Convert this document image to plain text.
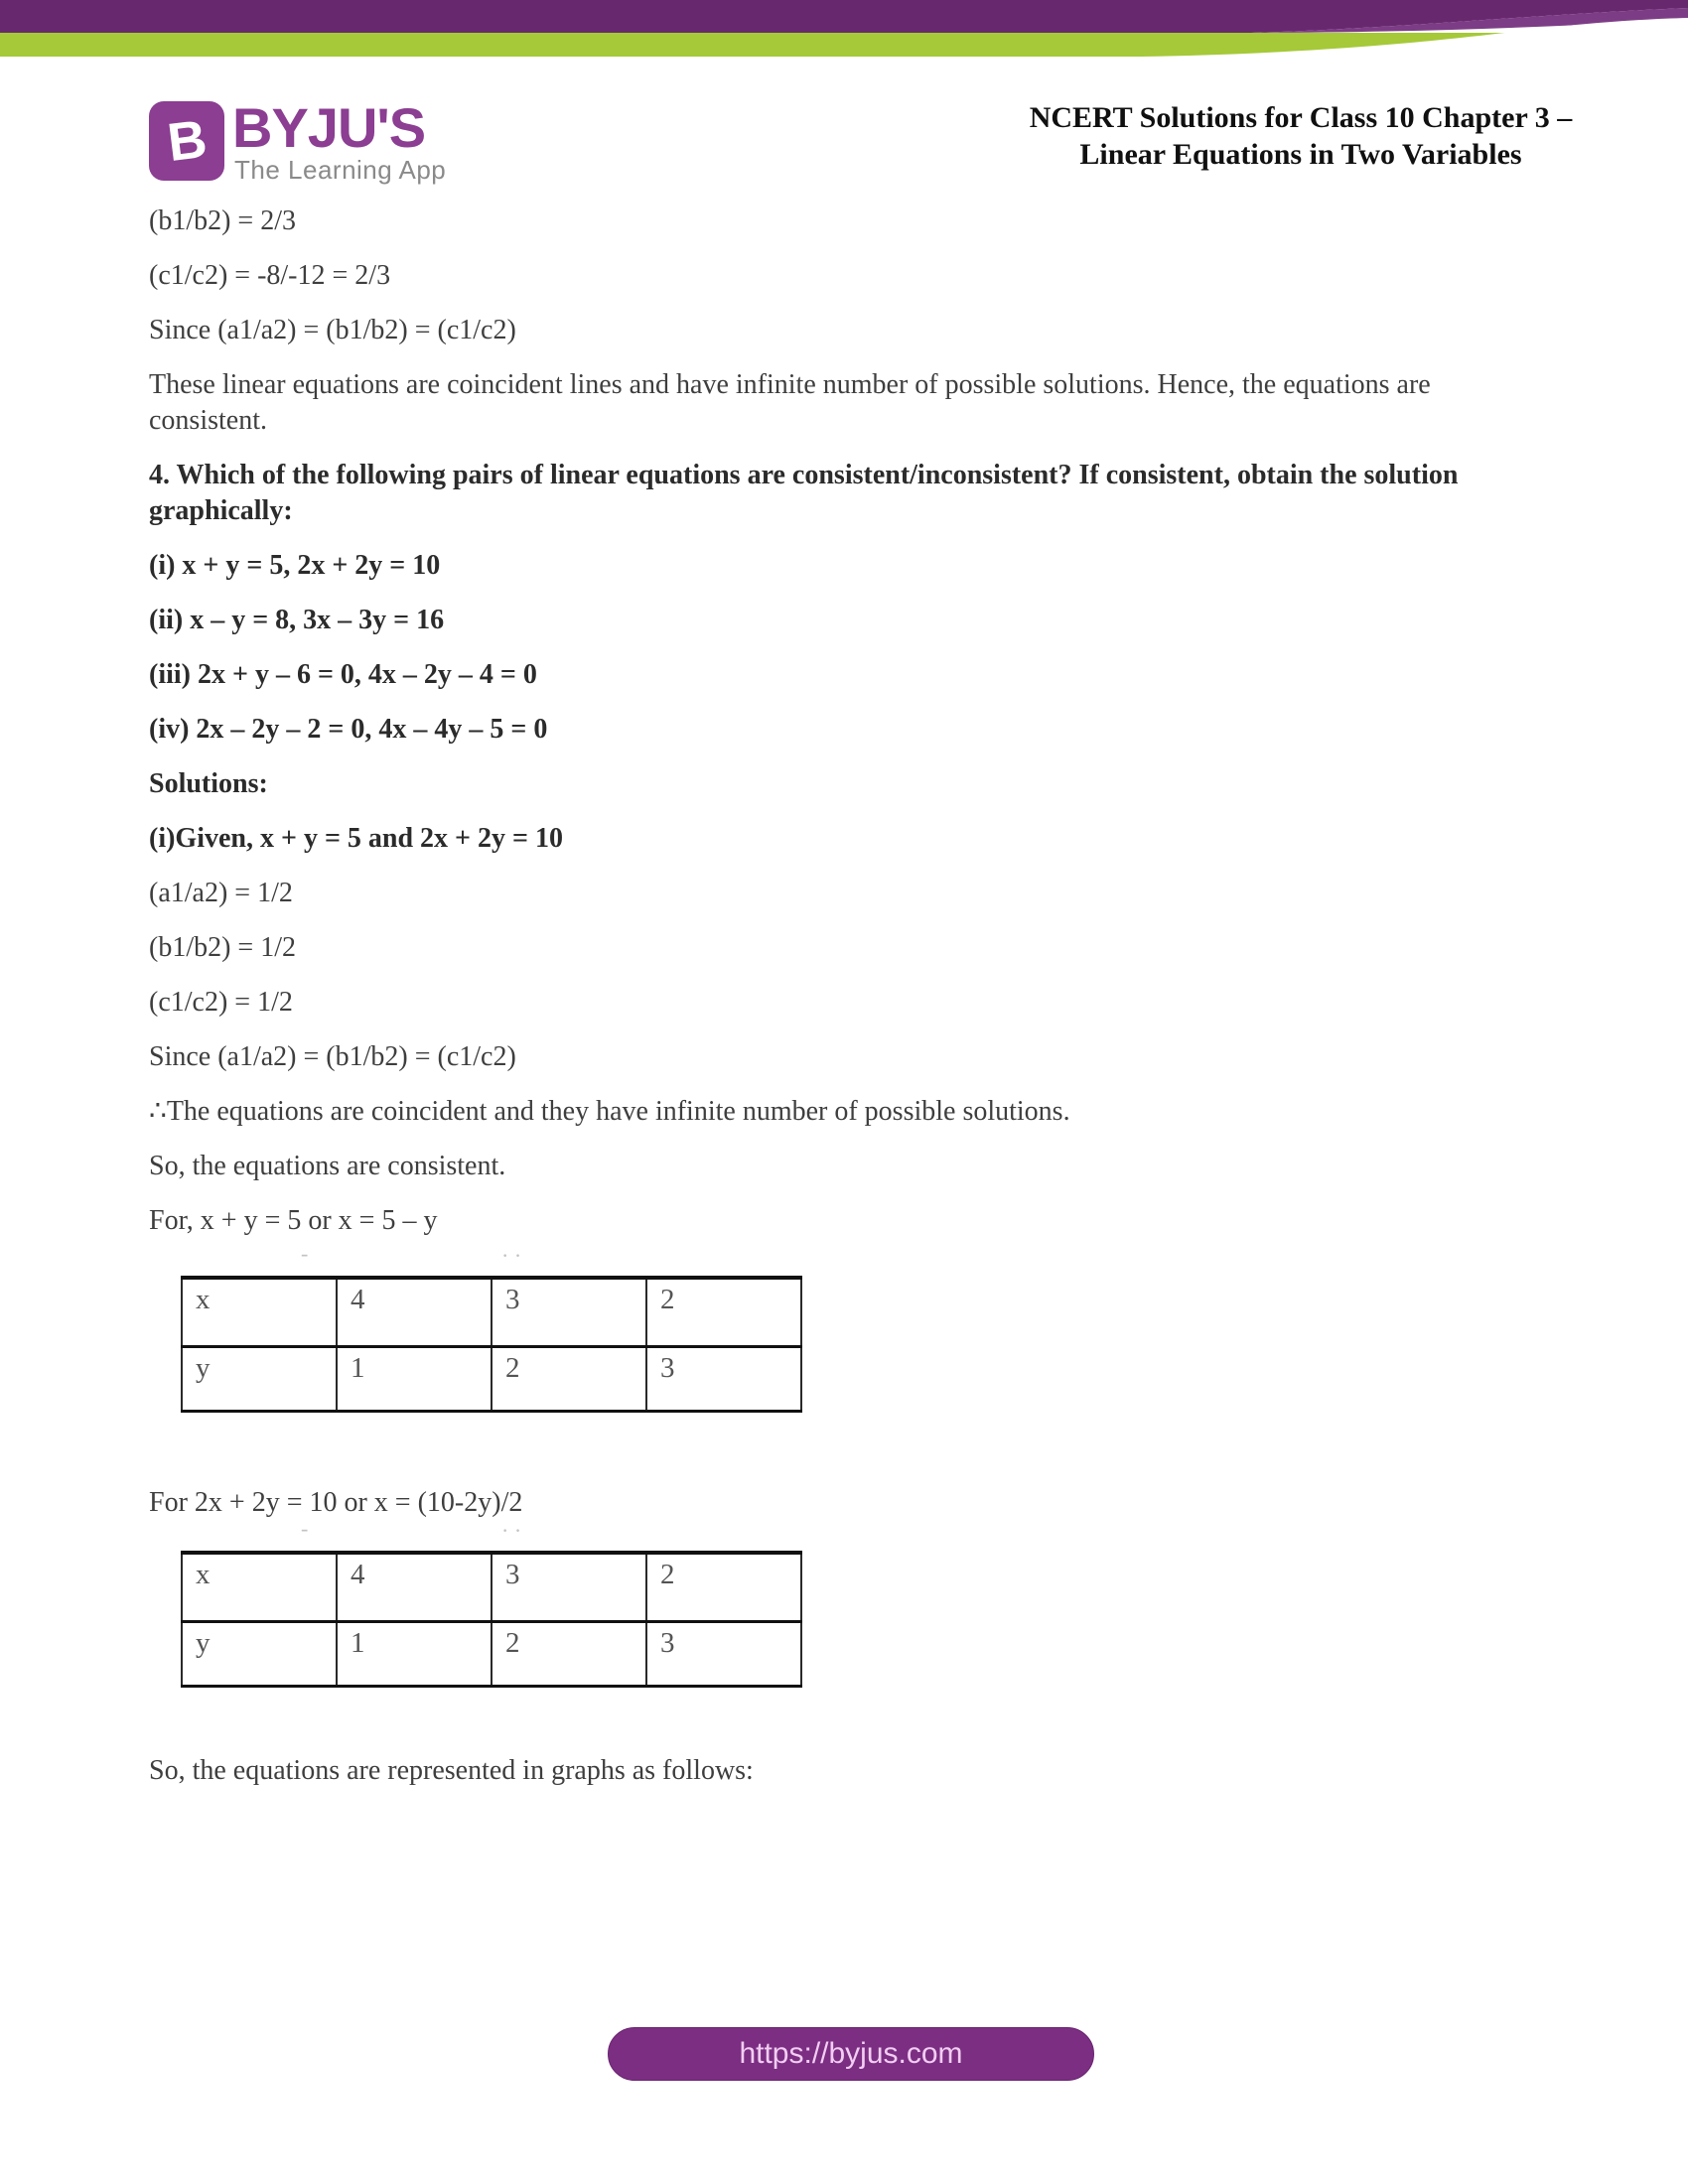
B BYJU'S
The Learning App
NCERT Solutions for Class 10 Chapter 3 –
Linear Equations in Two Variables
(b1/b2) = 2/3
(c1/c2) = -8/-12 = 2/3
Since (a1/a2) = (b1/b2) = (c1/c2)
These linear equations are coincident lines and have infinite number of possible solutions. Hence, the equations are
consistent.
4. Which of the following pairs of linear equations are consistent/inconsistent? If consistent, obtain the solution
graphically:
(i) x + y = 5, 2x + 2y = 10
(ii) x – y = 8, 3x – 3y = 16
(iii) 2x + y – 6 = 0, 4x – 2y – 4 = 0
(iv) 2x – 2y – 2 = 0, 4x – 4y – 5 = 0
Solutions:
(i)Given, x + y = 5 and 2x + 2y = 10
(a1/a2) = 1/2
(b1/b2) = 1/2
(c1/c2) = 1/2
Since (a1/a2) = (b1/b2) = (c1/c2)
∴The equations are coincident and they have infinite number of possible solutions.
So, the equations are consistent.
For, x + y = 5 or x = 5 – y
-	· ·
x	4	3	2
y	1	2	3
For 2x + 2y = 10 or x = (10-2y)/2
-	· ·
x	4	3	2
y	1	2	3
So, the equations are represented in graphs as follows:
https://byjus.com
